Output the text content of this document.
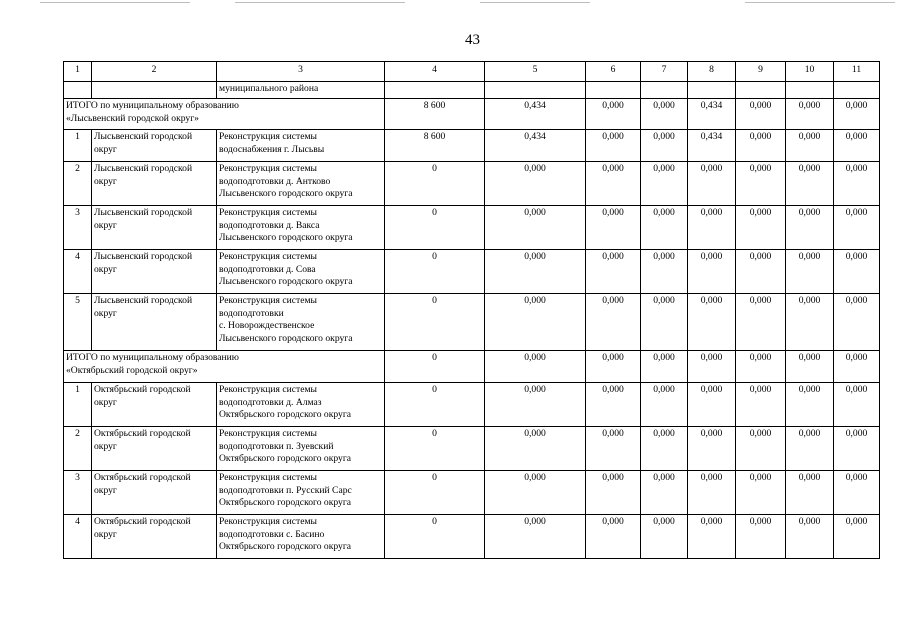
43
1	2	3	4	5	6	7	8	9	10	11
		муниципального района								

ИТОГО по муниципальному образованию
«Лысьвенский городской округ»			8 600	0,434	0,000	0,000	0,434	0,000	0,000	0,000

1	Лысьвенский городской
округ	Реконструкция системы
водоснабжения г. Лысьвы	8 600	0,434	0,000	0,000	0,434	0,000	0,000	0,000

2	Лысьвенский городской
округ	Реконструкция системы
водоподготовки д. Антково
Лысьвенского городского округа	0	0,000	0,000	0,000	0,000	0,000	0,000	0,000

3	Лысьвенский городской
округ	Реконструкция системы
водоподготовки д. Вакса
Лысьвенского городского округа	0	0,000	0,000	0,000	0,000	0,000	0,000	0,000

4	Лысьвенский городской
округ	Реконструкция системы
водоподготовки д. Сова
Лысьвенского городского округа	0	0,000	0,000	0,000	0,000	0,000	0,000	0,000

5	Лысьвенский городской
округ	Реконструкция системы
водоподготовки
с. Новорождественское
Лысьвенского городского округа	0	0,000	0,000	0,000	0,000	0,000	0,000	0,000

ИТОГО по муниципальному образованию
«Октябрьский городской округ»			0	0,000	0,000	0,000	0,000	0,000	0,000	0,000

1	Октябрьский городской
округ	Реконструкция системы
водоподготовки д. Алмаз
Октябрьского городского округа	0	0,000	0,000	0,000	0,000	0,000	0,000	0,000

2	Октябрьский городской
округ	Реконструкция системы
водоподготовки п. Зуевский
Октябрьского городского округа	0	0,000	0,000	0,000	0,000	0,000	0,000	0,000

3	Октябрьский городской
округ	Реконструкция системы
водоподготовки п. Русский Сарс
Октябрьского городского округа	0	0,000	0,000	0,000	0,000	0,000	0,000	0,000

4	Октябрьский городской
округ	Реконструкция системы
водоподготовки с. Басино
Октябрьского городского округа	0	0,000	0,000	0,000	0,000	0,000	0,000	0,000
